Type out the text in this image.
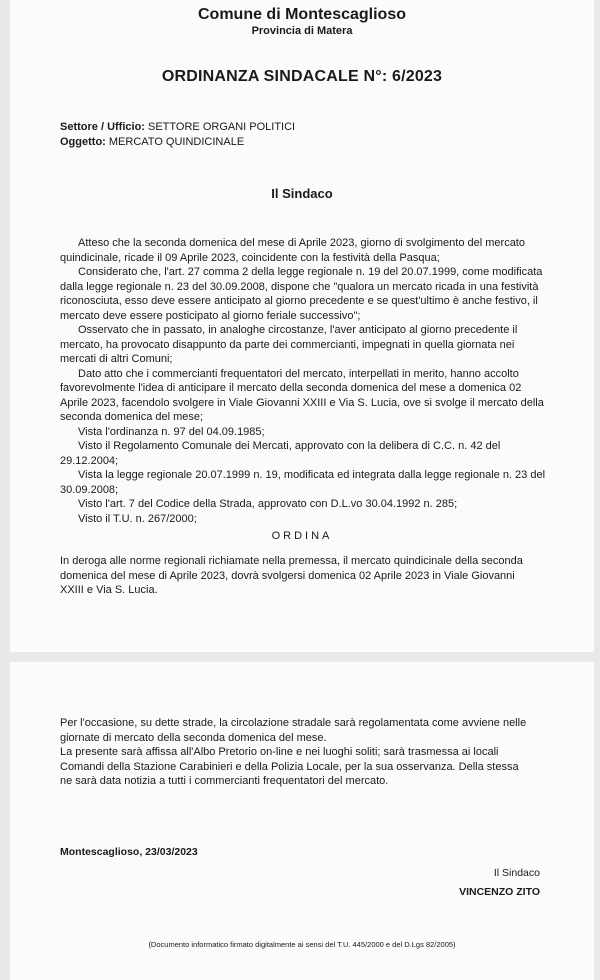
Comune di Montescaglioso
Provincia di Matera
ORDINANZA SINDACALE N°: 6/2023
Settore / Ufficio: SETTORE ORGANI POLITICI
Oggetto: MERCATO QUINDICINALE
Il Sindaco

Atteso che la seconda domenica del mese di Aprile 2023, giorno di svolgimento del mercato quindicinale, ricade il 09 Aprile 2023, coincidente con la festività della Pasqua;

Considerato che, l'art. 27 comma 2 della legge regionale n. 19 del 20.07.1999, come modificata dalla legge regionale n. 23 del 30.09.2008, dispone che "qualora un mercato ricada in una festività riconosciuta, esso deve essere anticipato al giorno precedente e se quest'ultimo è anche festivo, il mercato deve essere posticipato al giorno feriale successivo";

Osservato che in passato, in analoghe circostanze, l'aver anticipato al giorno precedente il mercato, ha provocato disappunto da parte dei commercianti, impegnati in quella giornata nei mercati di altri Comuni;

Dato atto che i commercianti frequentatori del mercato, interpellati in merito, hanno accolto favorevolmente l'idea di anticipare il mercato della seconda domenica del mese a domenica 02 Aprile 2023, facendolo svolgere in Viale Giovanni XXIII e Via S. Lucia, ove si svolge il mercato della seconda domenica del mese;

Vista l'ordinanza n. 97 del 04.09.1985;

Visto il Regolamento Comunale dei Mercati, approvato con la delibera di C.C. n. 42 del 29.12.2004;

Vista la legge regionale 20.07.1999 n. 19, modificata ed integrata dalla legge regionale n. 23 del 30.09.2008;

Visto l'art. 7 del Codice della Strada, approvato con D.L.vo 30.04.1992 n. 285;

Visto il T.U. n. 267/2000;

ORDINA
In deroga alle norme regionali richiamate nella premessa, il mercato quindicinale della seconda domenica del mese di Aprile 2023, dovrà svolgersi domenica 02 Aprile 2023 in Viale Giovanni XXIII e Via S. Lucia.
Per l'occasione, su dette strade, la circolazione stradale sarà regolamentata come avviene nelle giornate di mercato della seconda domenica del mese.
La presente sarà affissa all'Albo Pretorio on-line e nei luoghi soliti; sarà trasmessa ai locali Comandi della Stazione Carabinieri e della Polizia Locale, per la sua osservanza. Della stessa ne sarà data notizia a tutti i commercianti frequentatori del mercato.
Montescaglioso, 23/03/2023
Il Sindaco
VINCENZO ZITO
(Documento informatico firmato digitalmente ai sensi del T.U. 445/2000 e del D.Lgs 82/2005)
